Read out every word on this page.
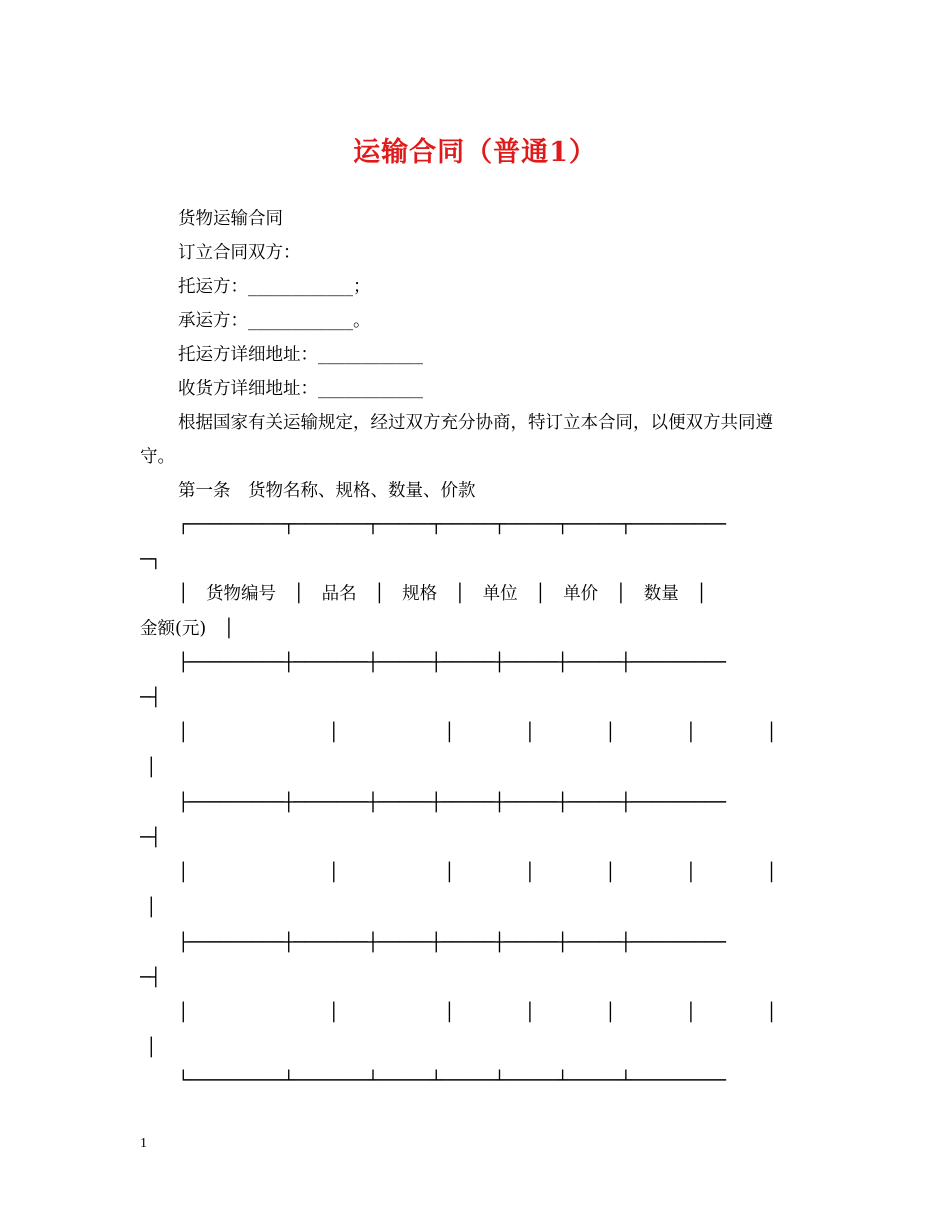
运输合同（普通1）
货物运输合同
订立合同双方：
托运方：____________；
承运方：____________。
托运方详细地址：____________
收货方详细地址：____________
根据国家有关运输规定，经过双方充分协商，特订立本合同，以便双方共同遵
守。
第一条　货物名称、规格、数量、价款
┌─────────┬───────┬─────┬─────┬─────┬─────┬─────────
─┐
│　货物编号　│　品名　│　规格　│　单位　│　单价　│　数量　│
金额(元)　│
├─────────┼───────┼─────┼─────┼─────┼─────┼─────────
─┤
│　　　　　　　　│　　　　　　│　　　　│　　　　│　　　　│　　　　│
│
├─────────┼───────┼─────┼─────┼─────┼─────┼─────────
─┤
│　　　　　　　　│　　　　　　│　　　　│　　　　│　　　　│　　　　│
│
├─────────┼───────┼─────┼─────┼─────┼─────┼─────────
─┤
│　　　　　　　　│　　　　　　│　　　　│　　　　│　　　　│　　　　│
│
└─────────┴───────┴─────┴─────┴─────┴─────┴─────────
1
